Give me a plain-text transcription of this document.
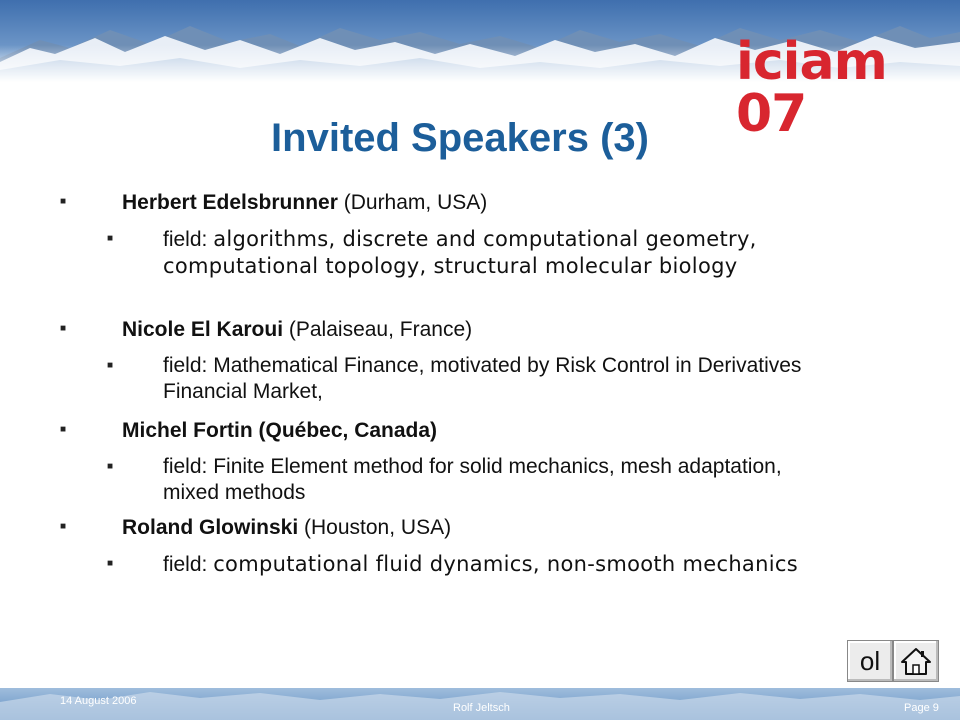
iciam 07
Invited Speakers (3)
■	Herbert Edelsbrunner (Durham, USA)
■ field: algorithms, discrete and computational geometry, computational topology, structural molecular biology
■	Nicole El Karoui (Palaiseau, France)
■ field: Mathematical Finance, motivated by Risk Control in Derivatives Financial Market,
■	Michel Fortin (Québec, Canada)
■ field: Finite Element method for solid mechanics, mesh adaptation, mixed methods
■	Roland Glowinski (Houston, USA)
■ field: computational fluid dynamics, non-smooth mechanics
ol
14 August 2006
Rolf Jeltsch	Page 9
